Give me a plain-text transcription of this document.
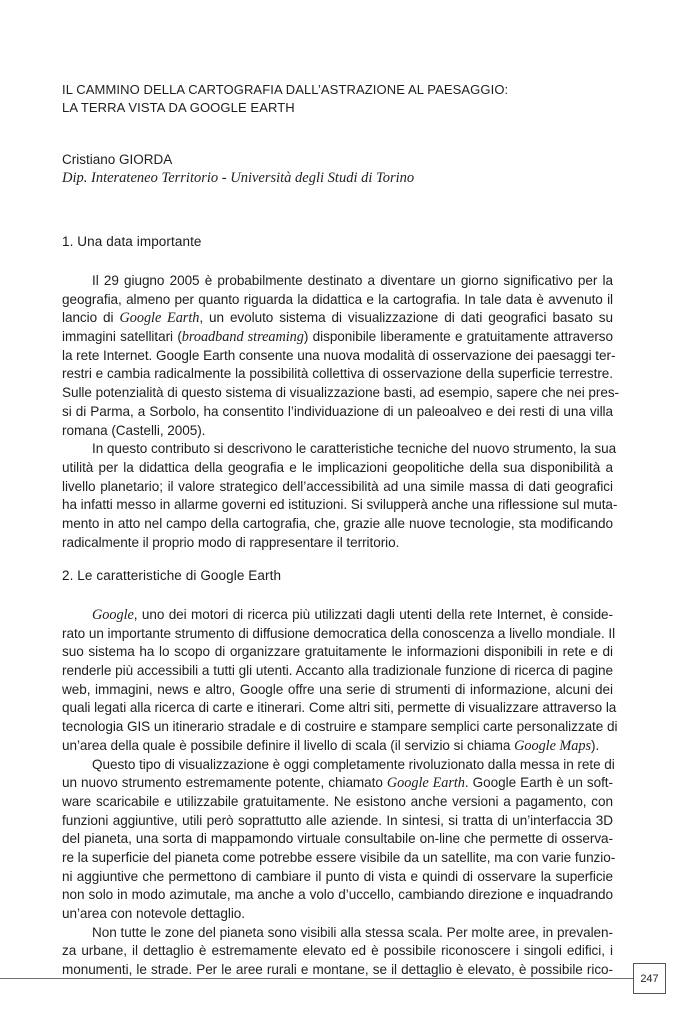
IL CAMMINO DELLA CARTOGRAFIA DALL’ASTRAZIONE AL PAESAGGIO:
LA TERRA VISTA DA GOOGLE EARTH
Cristiano GIORDA
Dip. Interateneo Territorio - Università degli Studi di Torino
1. Una data importante
Il 29 giugno 2005 è probabilmente destinato a diventare un giorno significativo per la
geografia, almeno per quanto riguarda la didattica e la cartografia. In tale data è avvenuto il
lancio di Google Earth, un evoluto sistema di visualizzazione di dati geografici basato su
immagini satellitari (broadband streaming) disponibile liberamente e gratuitamente attraverso
la rete Internet. Google Earth consente una nuova modalità di osservazione dei paesaggi ter-
restri e cambia radicalmente la possibilità collettiva di osservazione della superficie terrestre.
Sulle potenzialità di questo sistema di visualizzazione basti, ad esempio, sapere che nei pres-
si di Parma, a Sorbolo, ha consentito l’individuazione di un paleoalveo e dei resti di una villa
romana (Castelli, 2005).
In questo contributo si descrivono le caratteristiche tecniche del nuovo strumento, la sua
utilità per la didattica della geografia e le implicazioni geopolitiche della sua disponibilità a
livello planetario; il valore strategico dell’accessibilità ad una simile massa di dati geografici
ha infatti messo in allarme governi ed istituzioni. Si svilupperà anche una riflessione sul muta-
mento in atto nel campo della cartografia, che, grazie alle nuove tecnologie, sta modificando
radicalmente il proprio modo di rappresentare il territorio.
2. Le caratteristiche di Google Earth
Google, uno dei motori di ricerca più utilizzati dagli utenti della rete Internet, è conside-
rato un importante strumento di diffusione democratica della conoscenza a livello mondiale. Il
suo sistema ha lo scopo di organizzare gratuitamente le informazioni disponibili in rete e di
renderle più accessibili a tutti gli utenti. Accanto alla tradizionale funzione di ricerca di pagine
web, immagini, news e altro, Google offre una serie di strumenti di informazione, alcuni dei
quali legati alla ricerca di carte e itinerari. Come altri siti, permette di visualizzare attraverso la
tecnologia GIS un itinerario stradale e di costruire e stampare semplici carte personalizzate di
un’area della quale è possibile definire il livello di scala (il servizio si chiama Google Maps).
Questo tipo di visualizzazione è oggi completamente rivoluzionato dalla messa in rete di
un nuovo strumento estremamente potente, chiamato Google Earth. Google Earth è un soft-
ware scaricabile e utilizzabile gratuitamente. Ne esistono anche versioni a pagamento, con
funzioni aggiuntive, utili però soprattutto alle aziende. In sintesi, si tratta di un’interfaccia 3D
del pianeta, una sorta di mappamondo virtuale consultabile on-line che permette di osserva-
re la superficie del pianeta come potrebbe essere visibile da un satellite, ma con varie funzio-
ni aggiuntive che permettono di cambiare il punto di vista e quindi di osservare la superficie
non solo in modo azimutale, ma anche a volo d’uccello, cambiando direzione e inquadrando
un’area con notevole dettaglio.
Non tutte le zone del pianeta sono visibili alla stessa scala. Per molte aree, in prevalen-
za urbane, il dettaglio è estremamente elevato ed è possibile riconoscere i singoli edifici, i
monumenti, le strade. Per le aree rurali e montane, se il dettaglio è elevato, è possibile rico-
247
